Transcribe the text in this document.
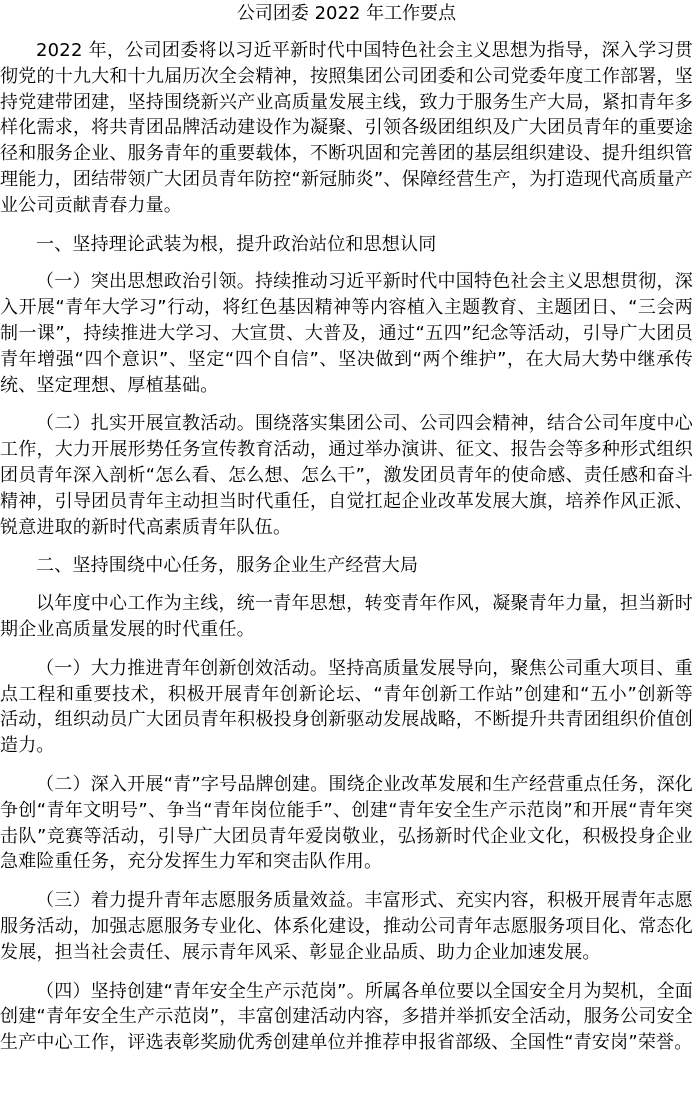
公司团委 2022 年工作要点

2022 年，公司团委将以习近平新时代中国特色社会主义思想为指导，深入学习贯彻党的十九大和十九届历次全会精神，按照集团公司团委和公司党委年度工作部署，坚持党建带团建，坚持围绕新兴产业高质量发展主线，致力于服务生产大局，紧扣青年多样化需求，将共青团品牌活动建设作为凝聚、引领各级团组织及广大团员青年的重要途径和服务企业、服务青年的重要载体，不断巩固和完善团的基层组织建设、提升组织管理能力，团结带领广大团员青年防控“新冠肺炎”、保障经营生产，为打造现代高质量产业公司贡献青春力量。

一、坚持理论武装为根，提升政治站位和思想认同

（一）突出思想政治引领。持续推动习近平新时代中国特色社会主义思想贯彻，深入开展“青年大学习”行动，将红色基因精神等内容植入主题教育、主题团日、“三会两制一课”，持续推进大学习、大宣贯、大普及，通过“五四”纪念等活动，引导广大团员青年增强“四个意识”、坚定“四个自信”、坚决做到“两个维护”，在大局大势中继承传统、坚定理想、厚植基础。

（二）扎实开展宣教活动。围绕落实集团公司、公司四会精神，结合公司年度中心工作，大力开展形势任务宣传教育活动，通过举办演讲、征文、报告会等多种形式组织团员青年深入剖析“怎么看、怎么想、怎么干”，激发团员青年的使命感、责任感和奋斗精神，引导团员青年主动担当时代重任，自觉扛起企业改革发展大旗，培养作风正派、锐意进取的新时代高素质青年队伍。

二、坚持围绕中心任务，服务企业生产经营大局

以年度中心工作为主线，统一青年思想，转变青年作风，凝聚青年力量，担当新时期企业高质量发展的时代重任。

（一）大力推进青年创新创效活动。坚持高质量发展导向，聚焦公司重大项目、重点工程和重要技术，积极开展青年创新论坛、“青年创新工作站”创建和“五小”创新等活动，组织动员广大团员青年积极投身创新驱动发展战略，不断提升共青团组织价值创造力。

（二）深入开展“青”字号品牌创建。围绕企业改革发展和生产经营重点任务，深化争创“青年文明号”、争当“青年岗位能手”、创建“青年安全生产示范岗”和开展“青年突击队”竞赛等活动，引导广大团员青年爱岗敬业，弘扬新时代企业文化，积极投身企业急难险重任务，充分发挥生力军和突击队作用。

（三）着力提升青年志愿服务质量效益。丰富形式、充实内容，积极开展青年志愿服务活动，加强志愿服务专业化、体系化建设，推动公司青年志愿服务项目化、常态化发展，担当社会责任、展示青年风采、彰显企业品质、助力企业加速发展。

（四）坚持创建“青年安全生产示范岗”。所属各单位要以全国安全月为契机，全面创建“青年安全生产示范岗”，丰富创建活动内容，多措并举抓安全活动，服务公司安全生产中心工作，评选表彰奖励优秀创建单位并推荐申报省部级、全国性“青安岗”荣誉。
